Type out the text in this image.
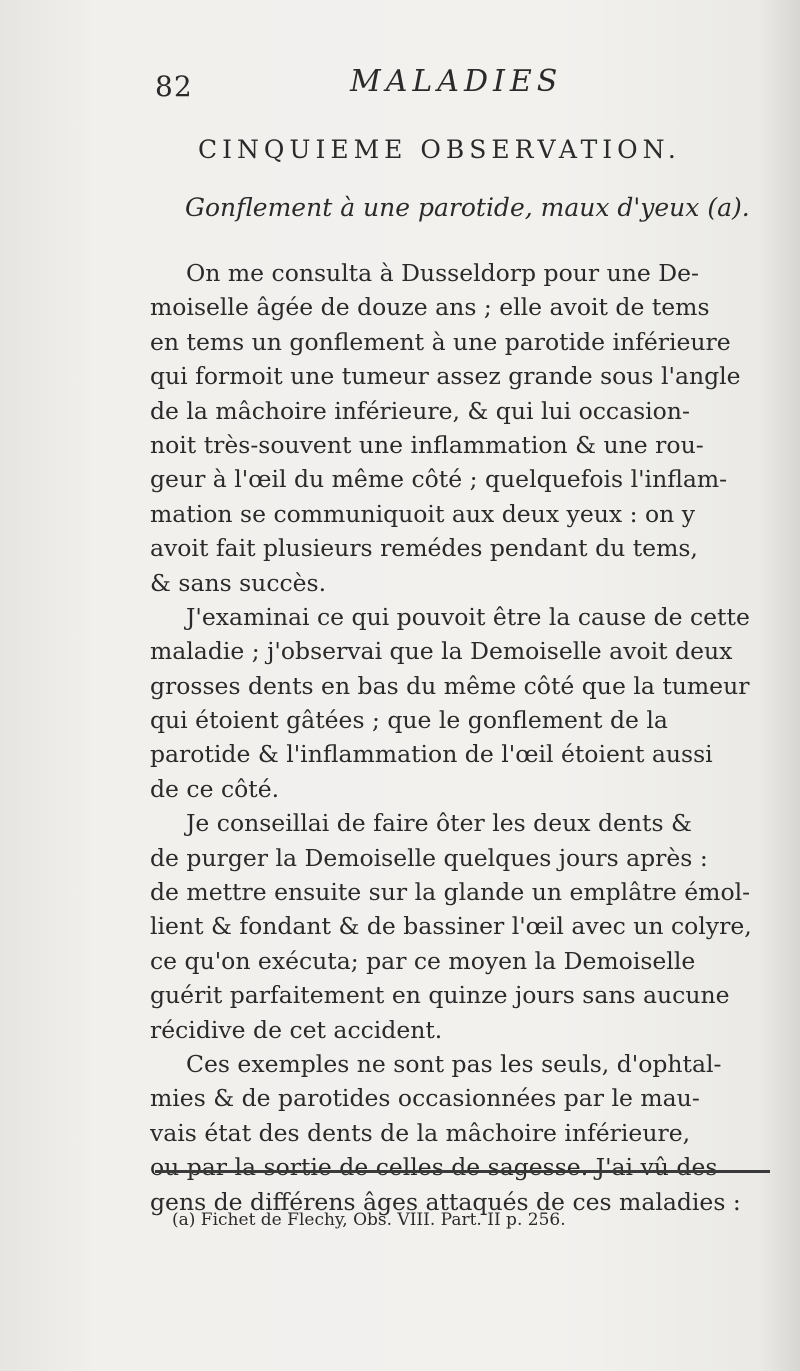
82	MALADIES
CINQUIEME OBSERVATION.
Gonflement à une parotide, maux d'yeux (a).
On me consulta à Dusseldorp pour une De-
moiselle âgée de douze ans ; elle avoit de tems
en tems un gonflement à une parotide inférieure
qui formoit une tumeur assez grande sous l'angle
de la mâchoire inférieure, & qui lui occasion-
noit très-souvent une inflammation & une rou-
geur à l'œil du même côté ; quelquefois l'inflam-
mation se communiquoit aux deux yeux : on y
avoit fait plusieurs remédes pendant du tems,
& sans succès.
J'examinai ce qui pouvoit être la cause de cette
maladie ; j'observai que la Demoiselle avoit deux
grosses dents en bas du même côté que la tumeur
qui étoient gâtées ; que le gonflement de la
parotide & l'inflammation de l'œil étoient aussi
de ce côté.
Je conseillai de faire ôter les deux dents &
de purger la Demoiselle quelques jours après :
de mettre ensuite sur la glande un emplâtre émol-
lient & fondant & de bassiner l'œil avec un colyre,
ce qu'on exécuta; par ce moyen la Demoiselle
guérit parfaitement en quinze jours sans aucune
récidive de cet accident.
Ces exemples ne sont pas les seuls, d'ophtal-
mies & de parotides occasionnées par le mau-
vais état des dents de la mâchoire inférieure,
ou par la sortie de celles de sagesse. J'ai vû des
gens de différens âges attaqués de ces maladies :
(a) Fichet de Flechy, Obs. VIII. Part. II p. 256.
